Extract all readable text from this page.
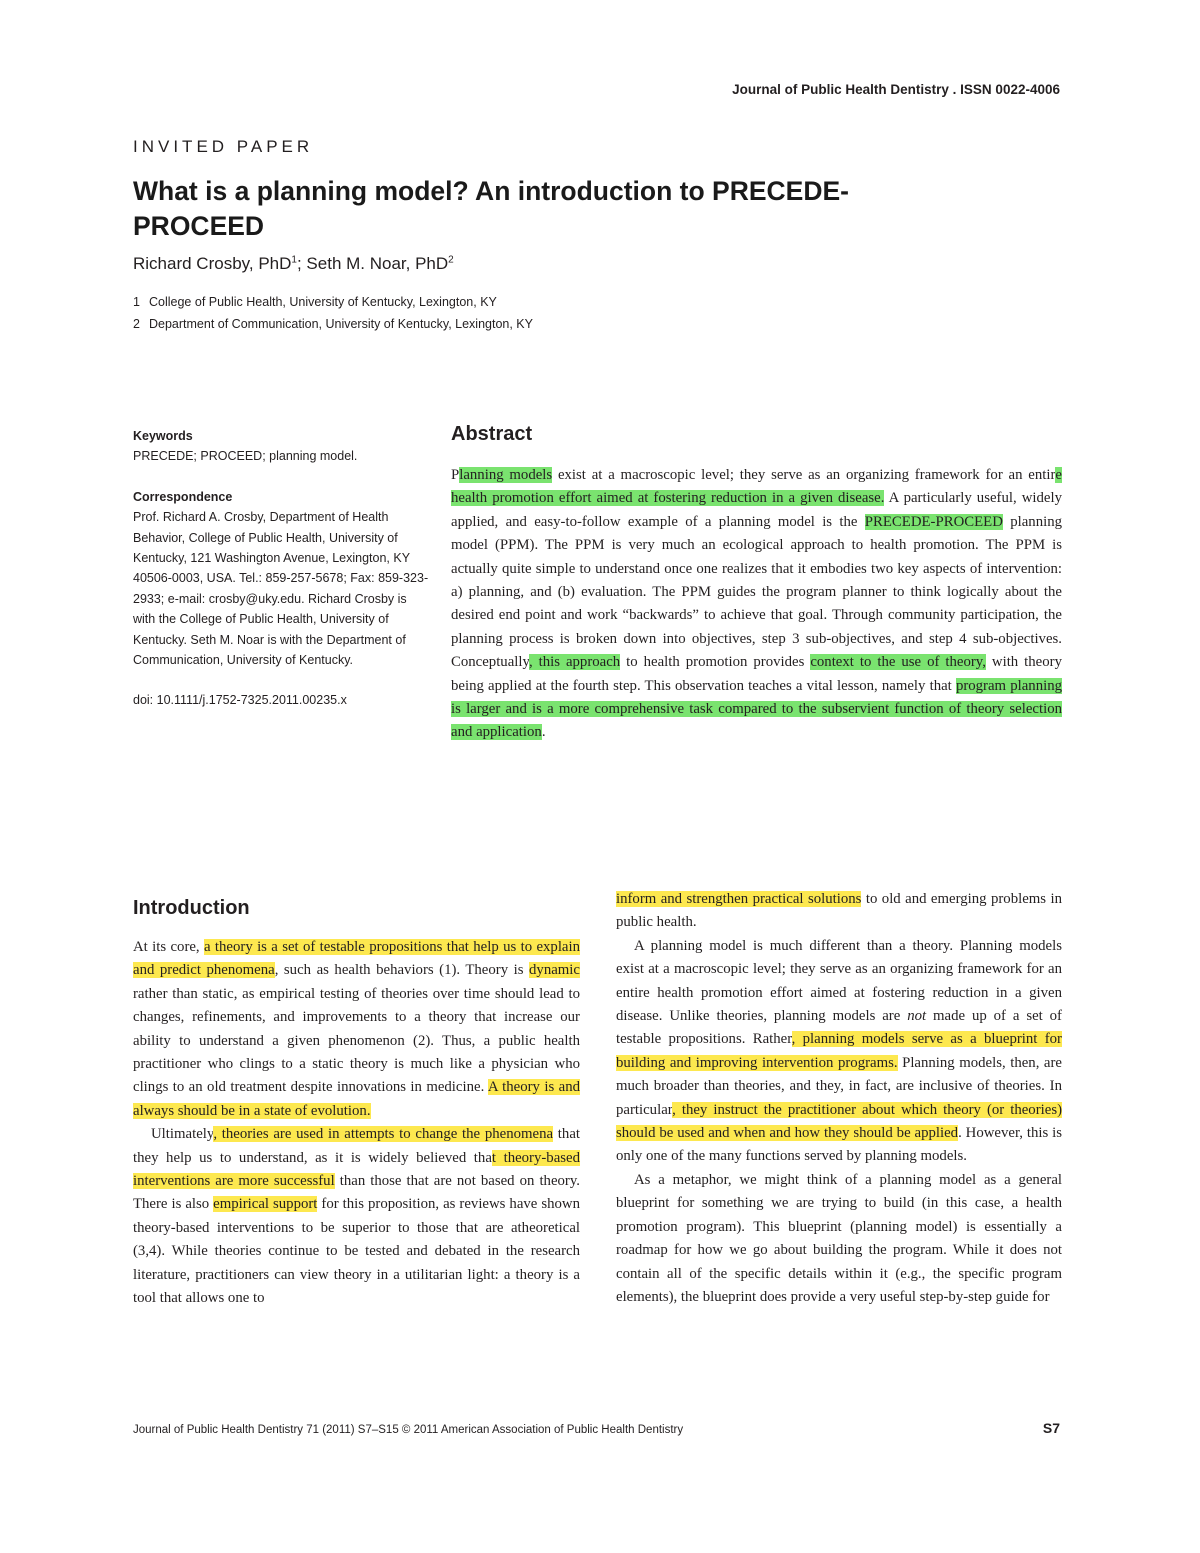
Journal of Public Health Dentistry . ISSN 0022-4006
INVITED PAPER
What is a planning model? An introduction to PRECEDE-PROCEED
Richard Crosby, PhD$^1$; Seth M. Noar, PhD$^2$
1 College of Public Health, University of Kentucky, Lexington, KY
2 Department of Communication, University of Kentucky, Lexington, KY

Keywords

PRECEDE; PROCEED; planning model.

Correspondence

Prof. Richard A. Crosby, Department of Health Behavior, College of Public Health, University of Kentucky, 121 Washington Avenue, Lexington, KY 40506-0003, USA. Tel.: 859-257-5678; Fax: 859-323-2933; e-mail: crosby@uky.edu. Richard Crosby is with the College of Public Health, University of Kentucky. Seth M. Noar is with the Department of Communication, University of Kentucky.

doi: 10.1111/j.1752-7325.2011.00235.x

Abstract

Planning models exist at a macroscopic level; they serve as an organizing framework for an entire health promotion effort aimed at fostering reduction in a given disease. A particularly useful, widely applied, and easy-to-follow example of a planning model is the PRECEDE-PROCEED planning model (PPM). The PPM is very much an ecological approach to health promotion. The PPM is actually quite simple to understand once one realizes that it embodies two key aspects of intervention: a) planning, and (b) evaluation. The PPM guides the program planner to think logically about the desired end point and work “backwards” to achieve that goal. Through community participation, the planning process is broken down into objectives, step 3 sub-objectives, and step 4 sub-objectives. Conceptually, this approach to health promotion provides context to the use of theory, with theory being applied at the fourth step. This observation teaches a vital lesson, namely that program planning is larger and is a more comprehensive task compared to the subservient function of theory selection and application.

Introduction

At its core, a theory is a set of testable propositions that help us to explain and predict phenomena, such as health behaviors (1). Theory is dynamic rather than static, as empirical testing of theories over time should lead to changes, refinements, and improvements to a theory that increase our ability to understand a given phenomenon (2). Thus, a public health practitioner who clings to a static theory is much like a physician who clings to an old treatment despite innovations in medicine. A theory is and always should be in a state of evolution.

Ultimately, theories are used in attempts to change the phenomena that they help us to understand, as it is widely believed that theory-based interventions are more successful than those that are not based on theory. There is also empirical support for this proposition, as reviews have shown theory-based interventions to be superior to those that are atheoretical (3,4). While theories continue to be tested and debated in the research literature, practitioners can view theory in a utilitarian light: a theory is a tool that allows one to

inform and strengthen practical solutions to old and emerging problems in public health.

A planning model is much different than a theory. Planning models exist at a macroscopic level; they serve as an organizing framework for an entire health promotion effort aimed at fostering reduction in a given disease. Unlike theories, planning models are not made up of a set of testable propositions. Rather, planning models serve as a blueprint for building and improving intervention programs. Planning models, then, are much broader than theories, and they, in fact, are inclusive of theories. In particular, they instruct the practitioner about which theory (or theories) should be used and when and how they should be applied. However, this is only one of the many functions served by planning models.

As a metaphor, we might think of a planning model as a general blueprint for something we are trying to build (in this case, a health promotion program). This blueprint (planning model) is essentially a roadmap for how we go about building the program. While it does not contain all of the specific details within it (e.g., the specific program elements), the blueprint does provide a very useful step-by-step guide for

Journal of Public Health Dentistry 71 (2011) S7–S15 © 2011 American Association of Public Health Dentistry	S7
